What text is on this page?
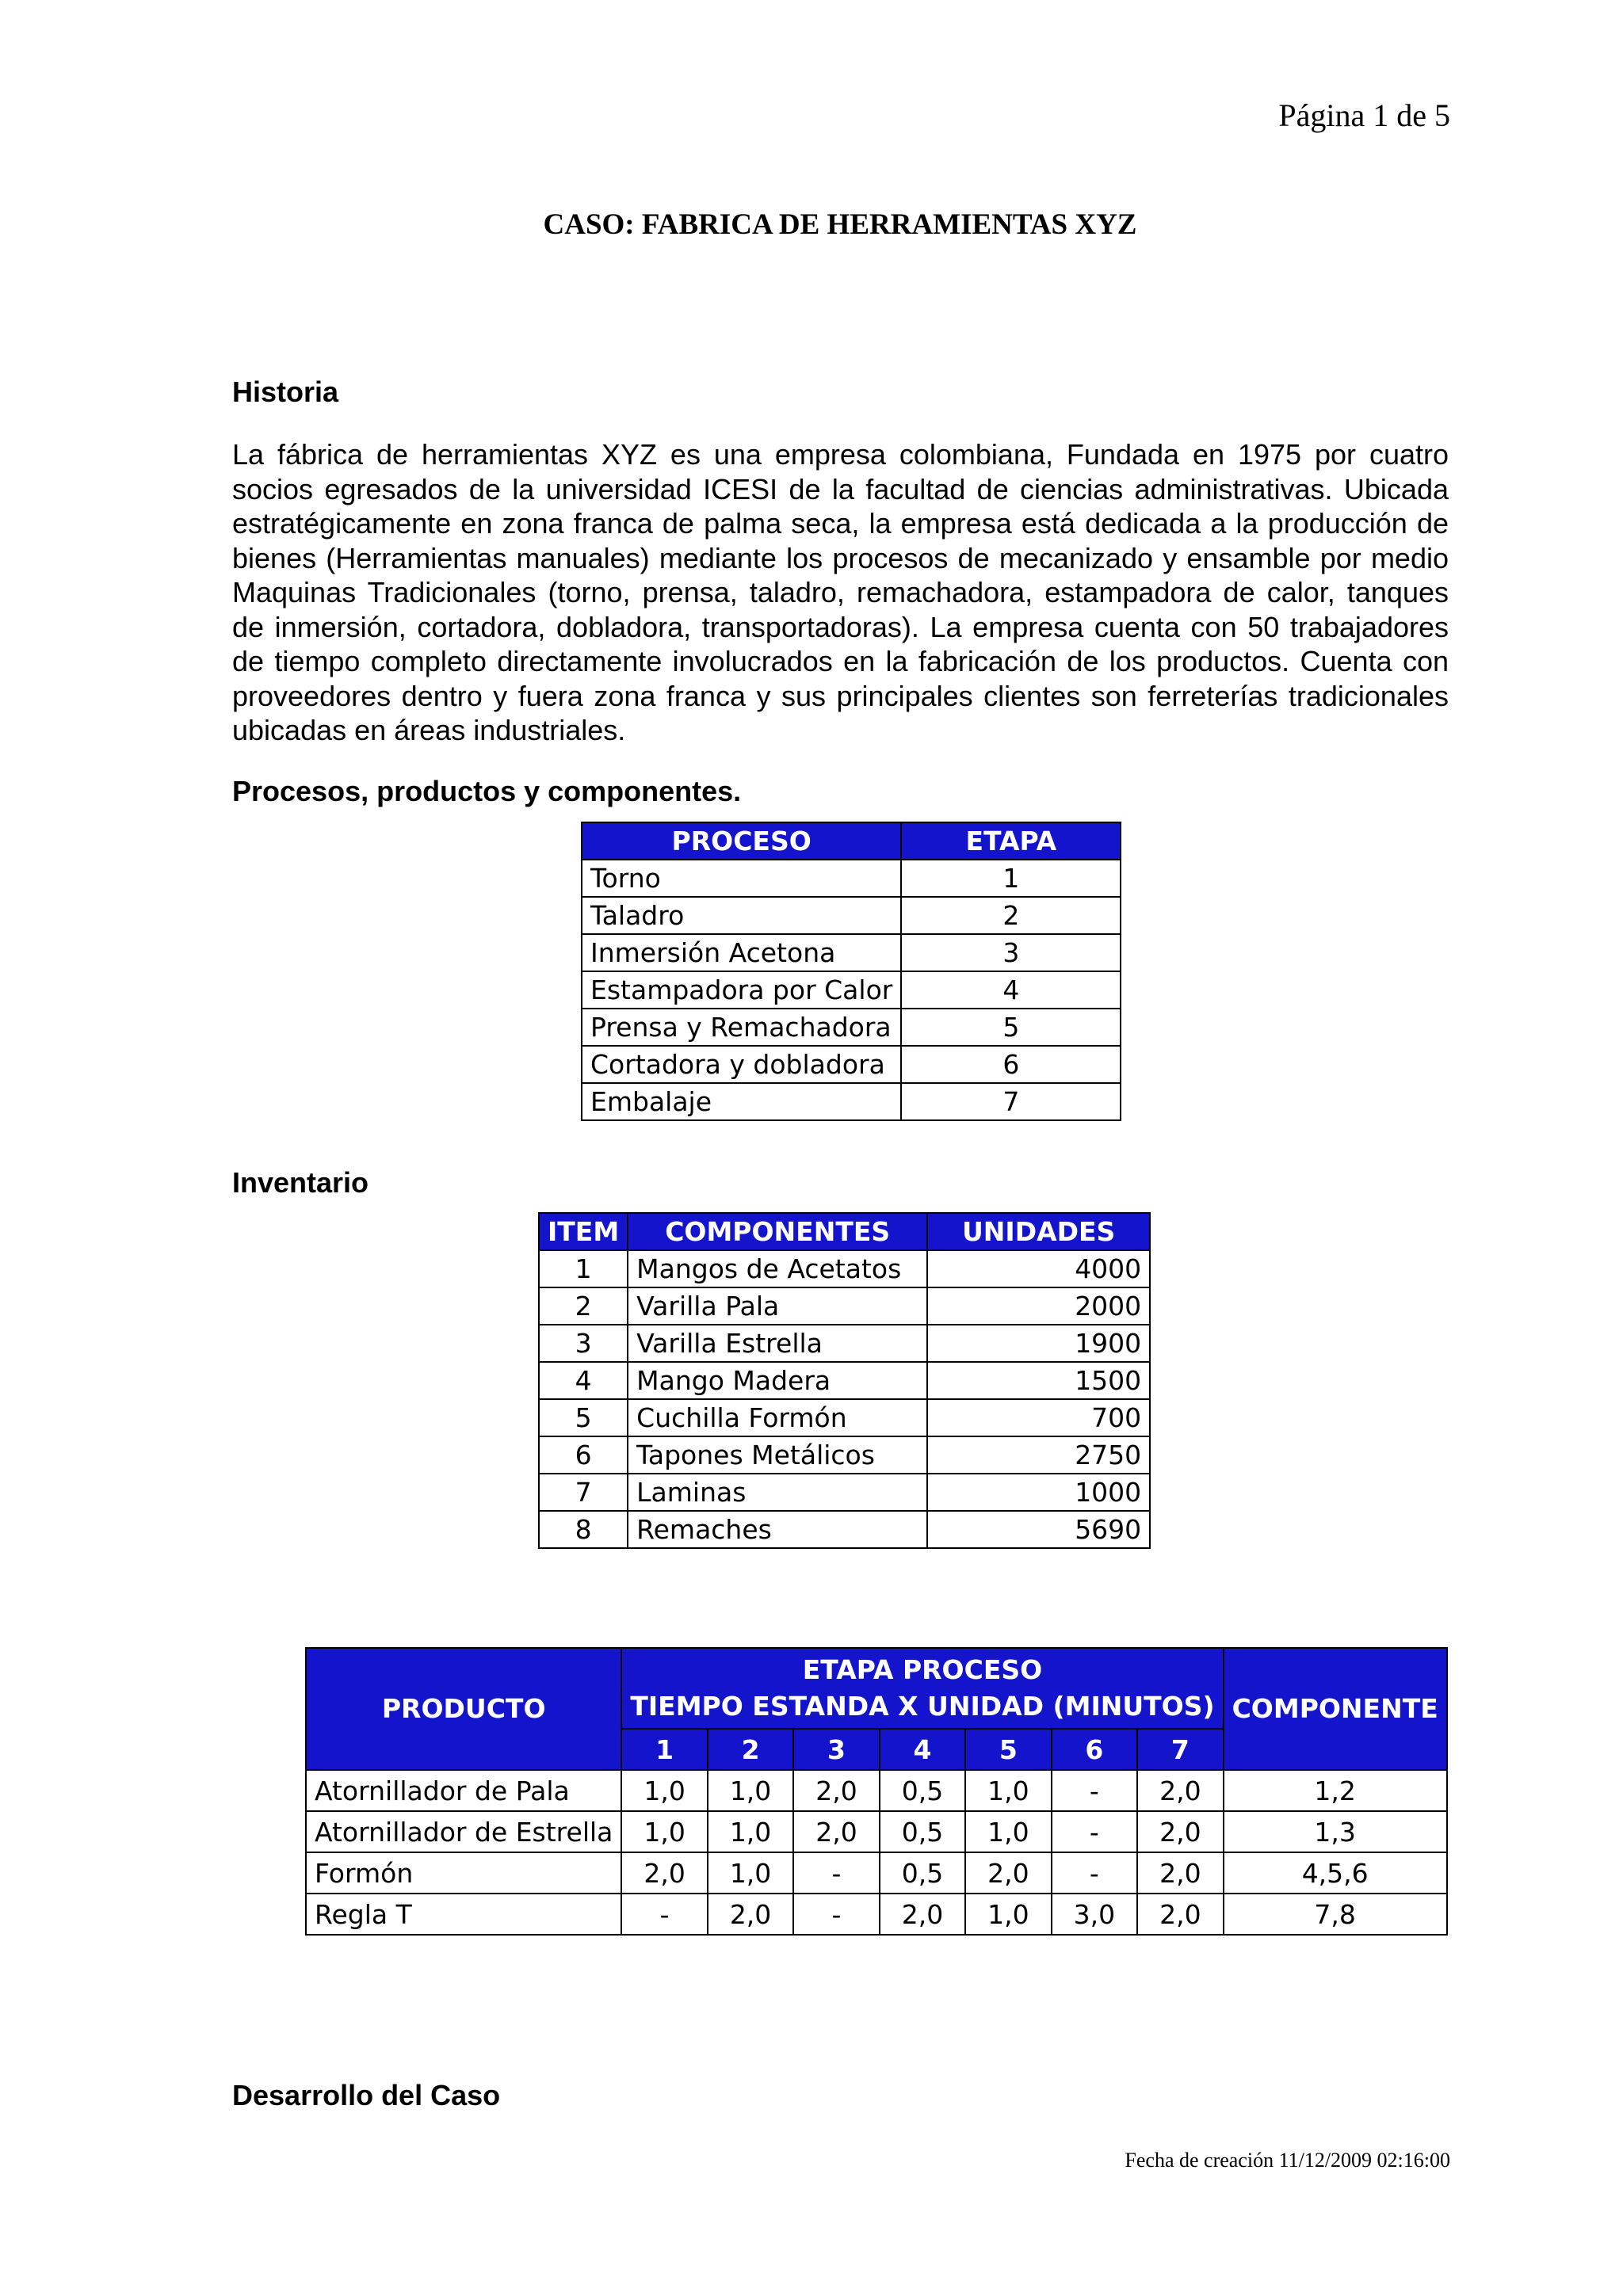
Página 1 de 5
CASO: FABRICA DE HERRAMIENTAS XYZ
Historia
La fábrica de herramientas XYZ es una empresa colombiana, Fundada en 1975 por cuatro socios egresados de la universidad ICESI de la facultad de ciencias administrativas. Ubicada estratégicamente en zona franca de palma seca, la empresa está dedicada a la producción de bienes (Herramientas manuales) mediante los procesos de mecanizado y ensamble por medio Maquinas Tradicionales (torno, prensa, taladro, remachadora, estampadora de calor, tanques de inmersión, cortadora, dobladora, transportadoras). La empresa cuenta con 50 trabajadores de tiempo completo directamente involucrados en la fabricación de los productos. Cuenta con proveedores dentro y fuera zona franca y sus principales clientes son ferreterías tradicionales ubicadas en áreas industriales.
Procesos, productos y componentes.
PROCESO	ETAPA
Torno	1
Taladro	2
Inmersión Acetona	3
Estampadora por Calor	4
Prensa y Remachadora	5
Cortadora y dobladora	6
Embalaje	7
Inventario
ITEM	COMPONENTES	UNIDADES
1	Mangos de Acetatos	4000
2	Varilla Pala	2000
3	Varilla Estrella	1900
4	Mango Madera	1500
5	Cuchilla Formón	700
6	Tapones Metálicos	2750
7	Laminas	1000
8	Remaches	5690
PRODUCTO	ETAPA PROCESO
TIEMPO ESTANDA X UNIDAD (MINUTOS)							COMPONENTE
	1	2	3	4	5	6	7	
Atornillador de Pala	1,0	1,0	2,0	0,5	1,0	-	2,0	1,2
Atornillador de Estrella	1,0	1,0	2,0	0,5	1,0	-	2,0	1,3
Formón	2,0	1,0	-	0,5	2,0	-	2,0	4,5,6
Regla T	-	2,0	-	2,0	1,0	3,0	2,0	7,8
Desarrollo del Caso
Fecha de creación 11/12/2009 02:16:00
